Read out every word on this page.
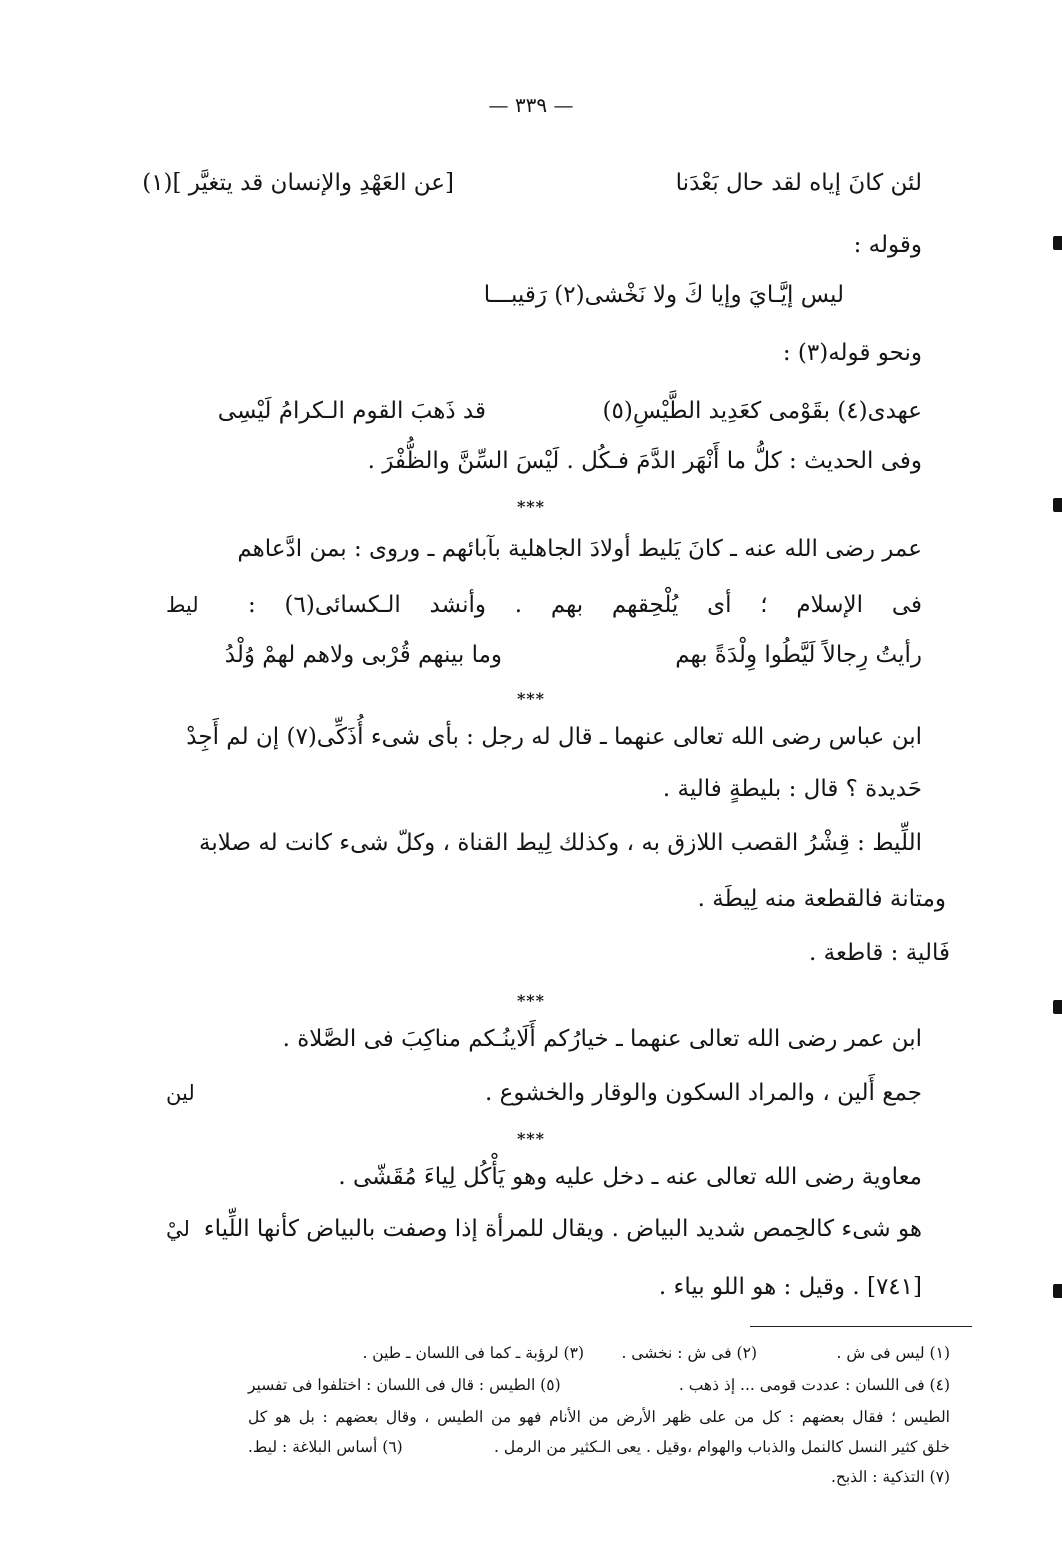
— ٣٣٩ —
لئن كانَ إياه لقد حال بَعْدَنا
[عن العَهْدِ والإنسان قد يتغيَّر ](١)
وقوله :
ليس إيَّـايَ وإيا كَ ولا نَخْشى(٢) رَقيبـــا
ونحو قوله(٣) :
عهدى(٤) بقَوْمى كعَدِيد الطَّيْسِ(٥)
قد ذَهبَ القوم الـكرامُ لَيْسِى
وفى الحديث : كلُّ ما أَنْهَر الدَّمَ فـكُل . لَيْسَ السِّنَّ والظُّفْرَ .
***
عمر رضى الله عنه ـ كانَ يَليط أولادَ الجاهلية بآبائهم ـ وروى : بمن ادَّعاهم
فى الإسلام ؛ أى يُلْحِقهم بهم . وأنشد الـكسائى(٦) :
ليط
رأيتُ رِجالاً لَيَّطُوا وِلْدَةً بهم
وما بينهم قُرْبى ولاهم لهمْ وُلْدُ
***
ابن عباس رضى الله تعالى عنهما ـ قال له رجل : بأى شىء أُذَكِّى(٧) إن لم أَجِدْ
حَديدة ؟ قال : بليطةٍ فالية .
اللِّيط : قِشْرُ القصب اللازق به ، وكذلك لِيط القناة ، وكلّ شىء كانت له صلابة
ومتانة فالقطعة منه لِيطَة .
فَالية : قاطعة .
***
ابن عمر رضى الله تعالى عنهما ـ خيارُكم أَلَاينُـكم مناكِبَ فى الصَّلاة .
جمع أَلين ، والمراد السكون والوقار والخشوع .
لين
***
معاوية رضى الله تعالى عنه ـ دخل عليه وهو يَأْكُل لِياءَ مُقَشّى .
هو شىء كالحِمص شديد البياض . ويقال للمرأة إذا وصفت بالبياض كأنها اللِّياء
ليْ
[٧٤١] . وقيل : هو اللو بياء .
(١) ليس فى ش .
(٢) فى ش : نخشى .
(٣) لرؤبة ـ كما فى اللسان ـ طين .
(٤) فى اللسان : عددت قومى ... إذ ذهب .
(٥) الطيس : قال فى اللسان : اختلفوا فى تفسير
الطيس ؛ فقال بعضهم : كل من على ظهر الأرض من الأنام فهو من الطيس ، وقال بعضهم : بل هو كل
خلق كثير النسل كالنمل والذباب والهوام ،وقيل . يعى الـكثير من الرمل .
(٦) أساس البلاغة : ليط.
(٧) التذكية : الذبح.
